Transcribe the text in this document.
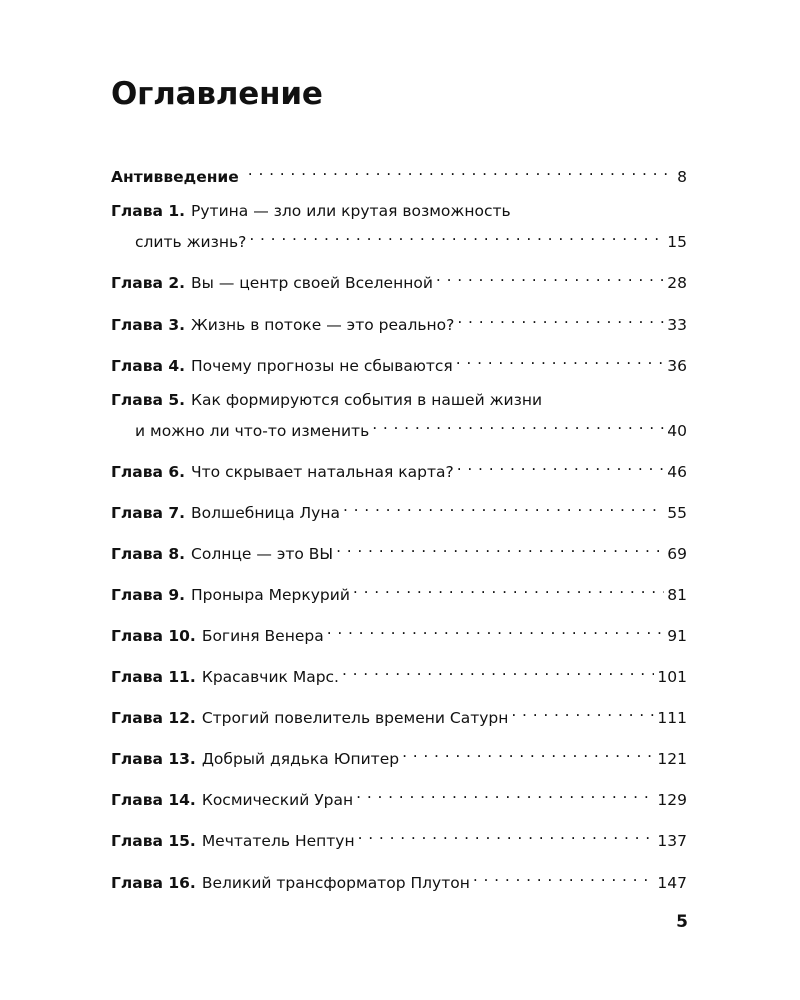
Оглавление
Антивведение . . .	8
Глава 1. Рутина — зло или крутая возможность
слить жизнь? . . .	15
Глава 2. Вы — центр своей Вселенной . . .	28
Глава 3. Жизнь в потоке — это реально? . . .	33
Глава 4. Почему прогнозы не сбываются . . .	36
Глава 5. Как формируются события в нашей жизни
и можно ли что-то изменить . . .	40
Глава 6. Что скрывает натальная карта? . . .	46
Глава 7. Волшебница Луна . . .	55
Глава 8. Солнце — это ВЫ . . .	69
Глава 9. Проныра Меркурий . . .	81
Глава 10. Богиня Венера . . .	91
Глава 11. Красавчик Марс. . . .	101
Глава 12. Строгий повелитель времени Сатурн . . .	111
Глава 13. Добрый дядька Юпитер . . .	121
Глава 14. Космический Уран . . .	129
Глава 15. Мечтатель Нептун . . .	137
Глава 16. Великий трансформатор Плутон . . .	147
5
